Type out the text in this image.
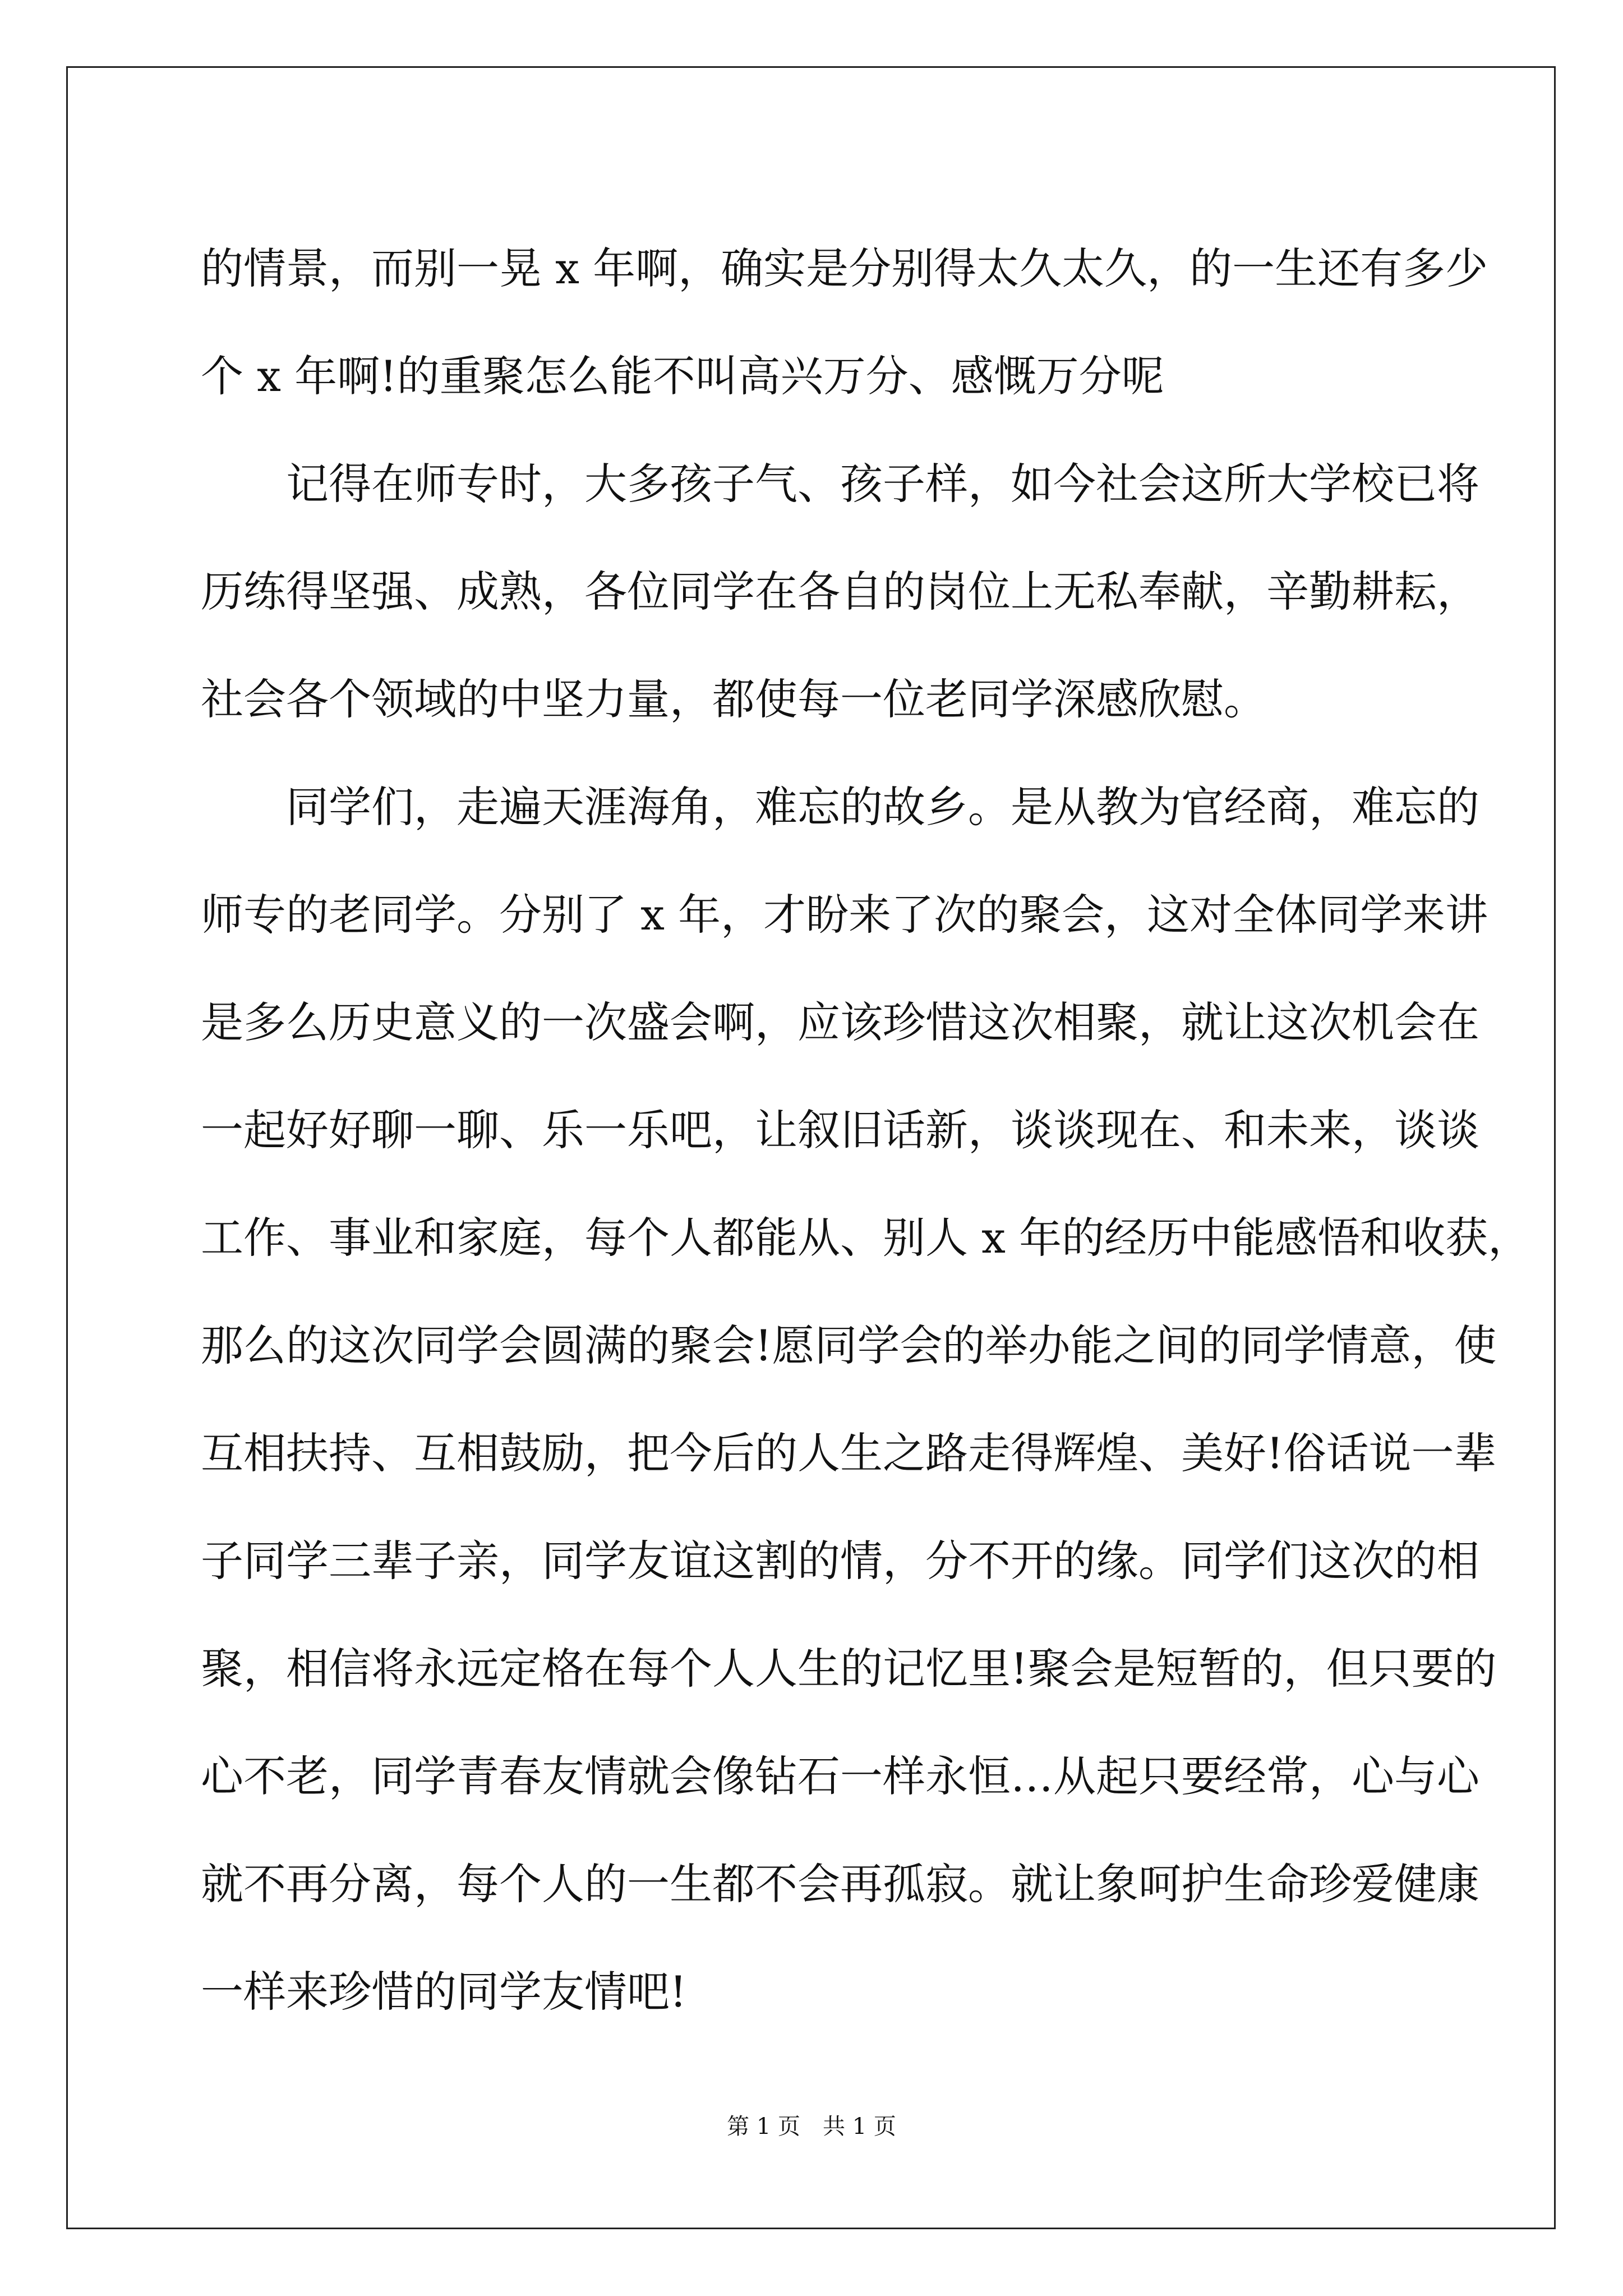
的情景，而别一晃 x 年啊，确实是分别得太久太久，的一生还有多少
个 x 年啊!的重聚怎么能不叫高兴万分、感慨万分呢
记得在师专时，大多孩子气、孩子样，如今社会这所大学校已将
历练得坚强、成熟，各位同学在各自的岗位上无私奉献，辛勤耕耘，
社会各个领域的中坚力量，都使每一位老同学深感欣慰。
同学们，走遍天涯海角，难忘的故乡。是从教为官经商，难忘的
师专的老同学。分别了 x 年，才盼来了次的聚会，这对全体同学来讲
是多么历史意义的一次盛会啊，应该珍惜这次相聚，就让这次机会在
一起好好聊一聊、乐一乐吧，让叙旧话新，谈谈现在、和未来，谈谈
工作、事业和家庭，每个人都能从、别人 x 年的经历中能感悟和收获，
那么的这次同学会圆满的聚会!愿同学会的举办能之间的同学情意，使
互相扶持、互相鼓励，把今后的人生之路走得辉煌、美好!俗话说一辈
子同学三辈子亲，同学友谊这割的情，分不开的缘。同学们这次的相
聚，相信将永远定格在每个人人生的记忆里!聚会是短暂的，但只要的
心不老，同学青春友情就会像钻石一样永恒…从起只要经常，心与心
就不再分离，每个人的一生都不会再孤寂。就让象呵护生命珍爱健康
一样来珍惜的同学友情吧!
第 1 页 共 1 页
